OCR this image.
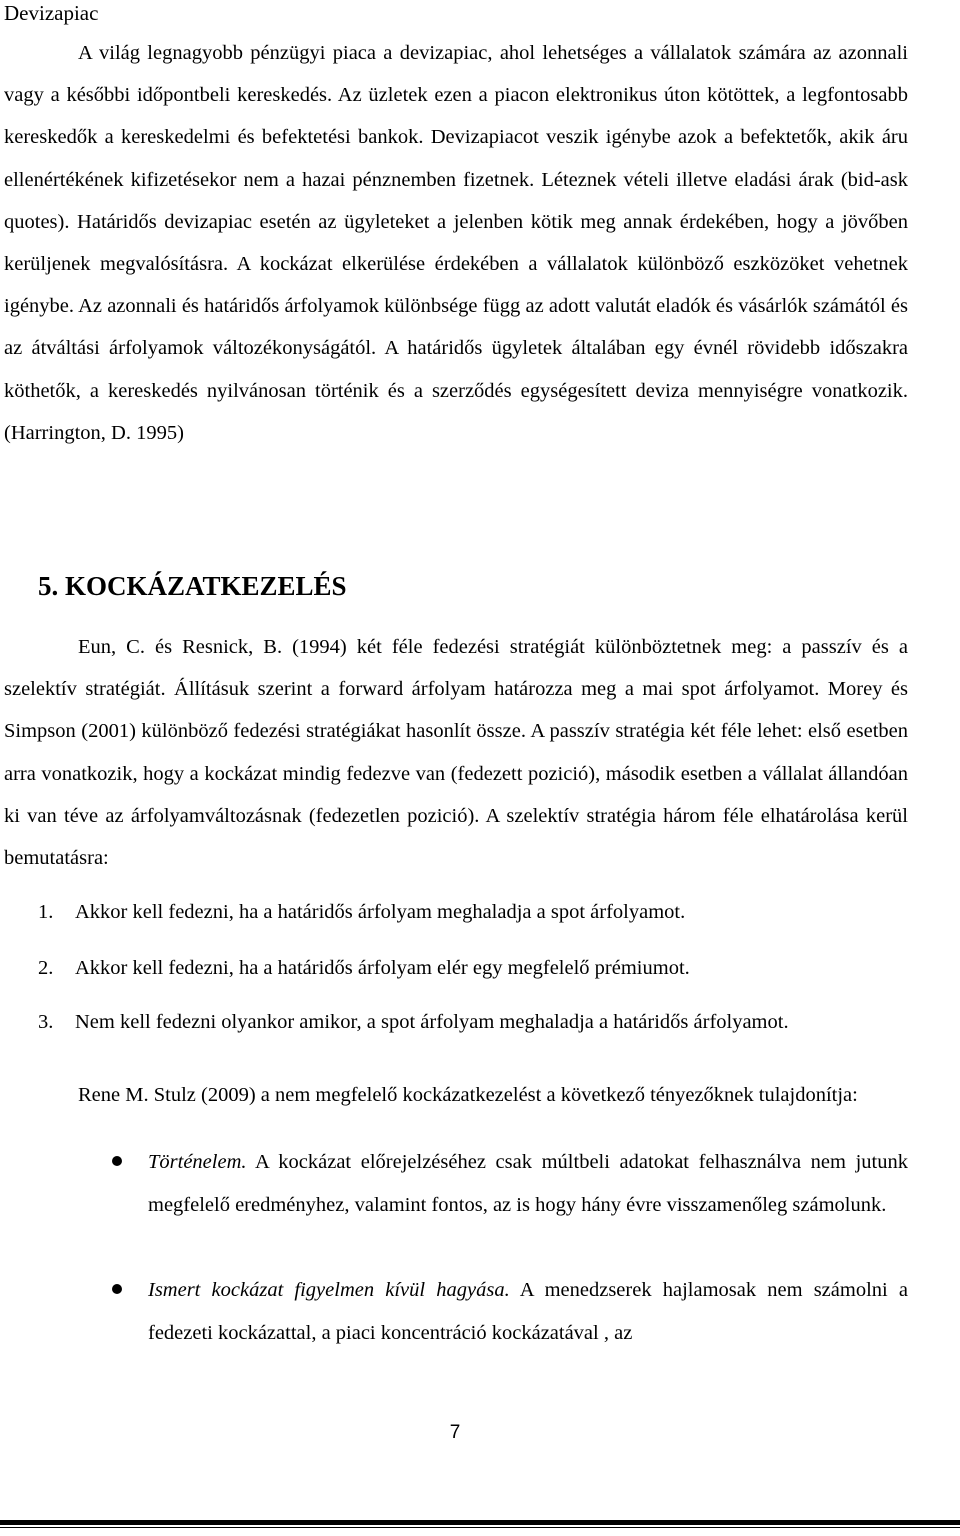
Devizapiac

A világ legnagyobb pénzügyi piaca a devizapiac, ahol lehetséges a vállalatok számára az azonnali vagy a későbbi időpontbeli kereskedés. Az üzletek ezen a piacon elektronikus úton kötöttek, a legfontosabb kereskedők a kereskedelmi és befektetési bankok. Devizapiacot veszik igénybe azok a befektetők, akik áru ellenértékének kifizetésekor nem a hazai pénznemben fizetnek. Léteznek vételi illetve eladási árak (bid-ask quotes). Határidős devizapiac esetén az ügyleteket a jelenben kötik meg annak érdekében, hogy a jövőben kerüljenek megvalósításra. A kockázat elkerülése érdekében a vállalatok különböző eszközöket vehetnek igénybe. Az azonnali és határidős árfolyamok különbsége függ az adott valutát eladók és vásárlók számától és az átváltási árfolyamok változékonyságától. A határidős ügyletek általában egy évnél rövidebb időszakra köthetők, a kereskedés nyilvánosan történik és a szerződés egységesített deviza mennyiségre vonatkozik. (Harrington, D. 1995)

5. KOCKÁZATKEZELÉS

Eun, C. és Resnick, B. (1994) két féle fedezési stratégiát különböztetnek meg: a passzív és a szelektív stratégiát. Állításuk szerint a forward árfolyam határozza meg a mai spot árfolyamot. Morey és Simpson (2001) különböző fedezési stratégiákat hasonlít össze. A passzív stratégia két féle lehet: első esetben arra vonatkozik, hogy a kockázat mindig fedezve van (fedezett pozició), második esetben a vállalat állandóan ki van téve az árfolyamváltozásnak (fedezetlen pozició). A szelektív stratégia három féle elhatárolása kerül bemutatásra:

1. Akkor kell fedezni, ha a határidős árfolyam meghaladja a spot árfolyamot.
2. Akkor kell fedezni, ha a határidős árfolyam elér egy megfelelő prémiumot.
3. Nem kell fedezni olyankor amikor, a spot árfolyam meghaladja a határidős árfolyamot.

Rene M. Stulz (2009) a nem megfelelő kockázatkezelést a következő tényezőknek tulajdonítja:

Történelem. A kockázat előrejelzéséhez csak múltbeli adatokat felhasználva nem jutunk megfelelő eredményhez, valamint fontos, az is hogy hány évre visszamenőleg számolunk.
Ismert kockázat figyelmen kívül hagyása. A menedzserek hajlamosak nem számolni a fedezeti kockázattal, a piaci koncentráció kockázatával , az
7
